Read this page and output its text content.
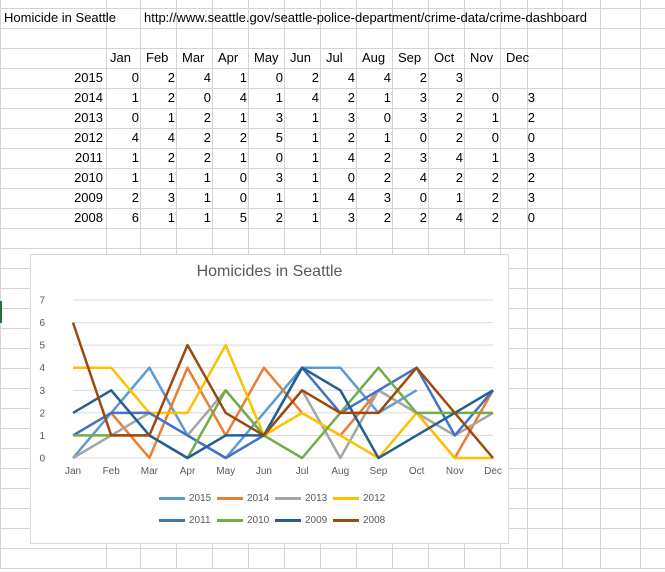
Homicide in Seattle	http://www.seattle.gov/seattle-police-department/crime-data/crime-dashboard
Jan	Feb	Mar	Apr	May Jun	Jul	Aug Sep Oct	Nov Dec
2015	0	2	4	1	0	2	4	4	2	3
2014	1	2	0	4	1	4	2	1	3	2	0	3
2013	0	1	2	1	3	1	3	0	3	2	1	2
2012	4	4	2	2	5	1	2	1	0	2	0	0
2011	1	2	2	1	0	1	4	2	3	4	1	3
2010	1	1	1	0	3	1	0	2	4	2	2	2
2009	2	3	1	0	1	1	4	3	0	1	2	3
2008	6	1	1	5	2	1	3	2	2	4	2	0
0
1
2
3
4
5
6
7
Jan Feb Mar Apr May Jun Jul Aug Sep Oct Nov Dec
Homicides in Seattle
2015	2014	2013	2012
2011	2010	2009	2008
